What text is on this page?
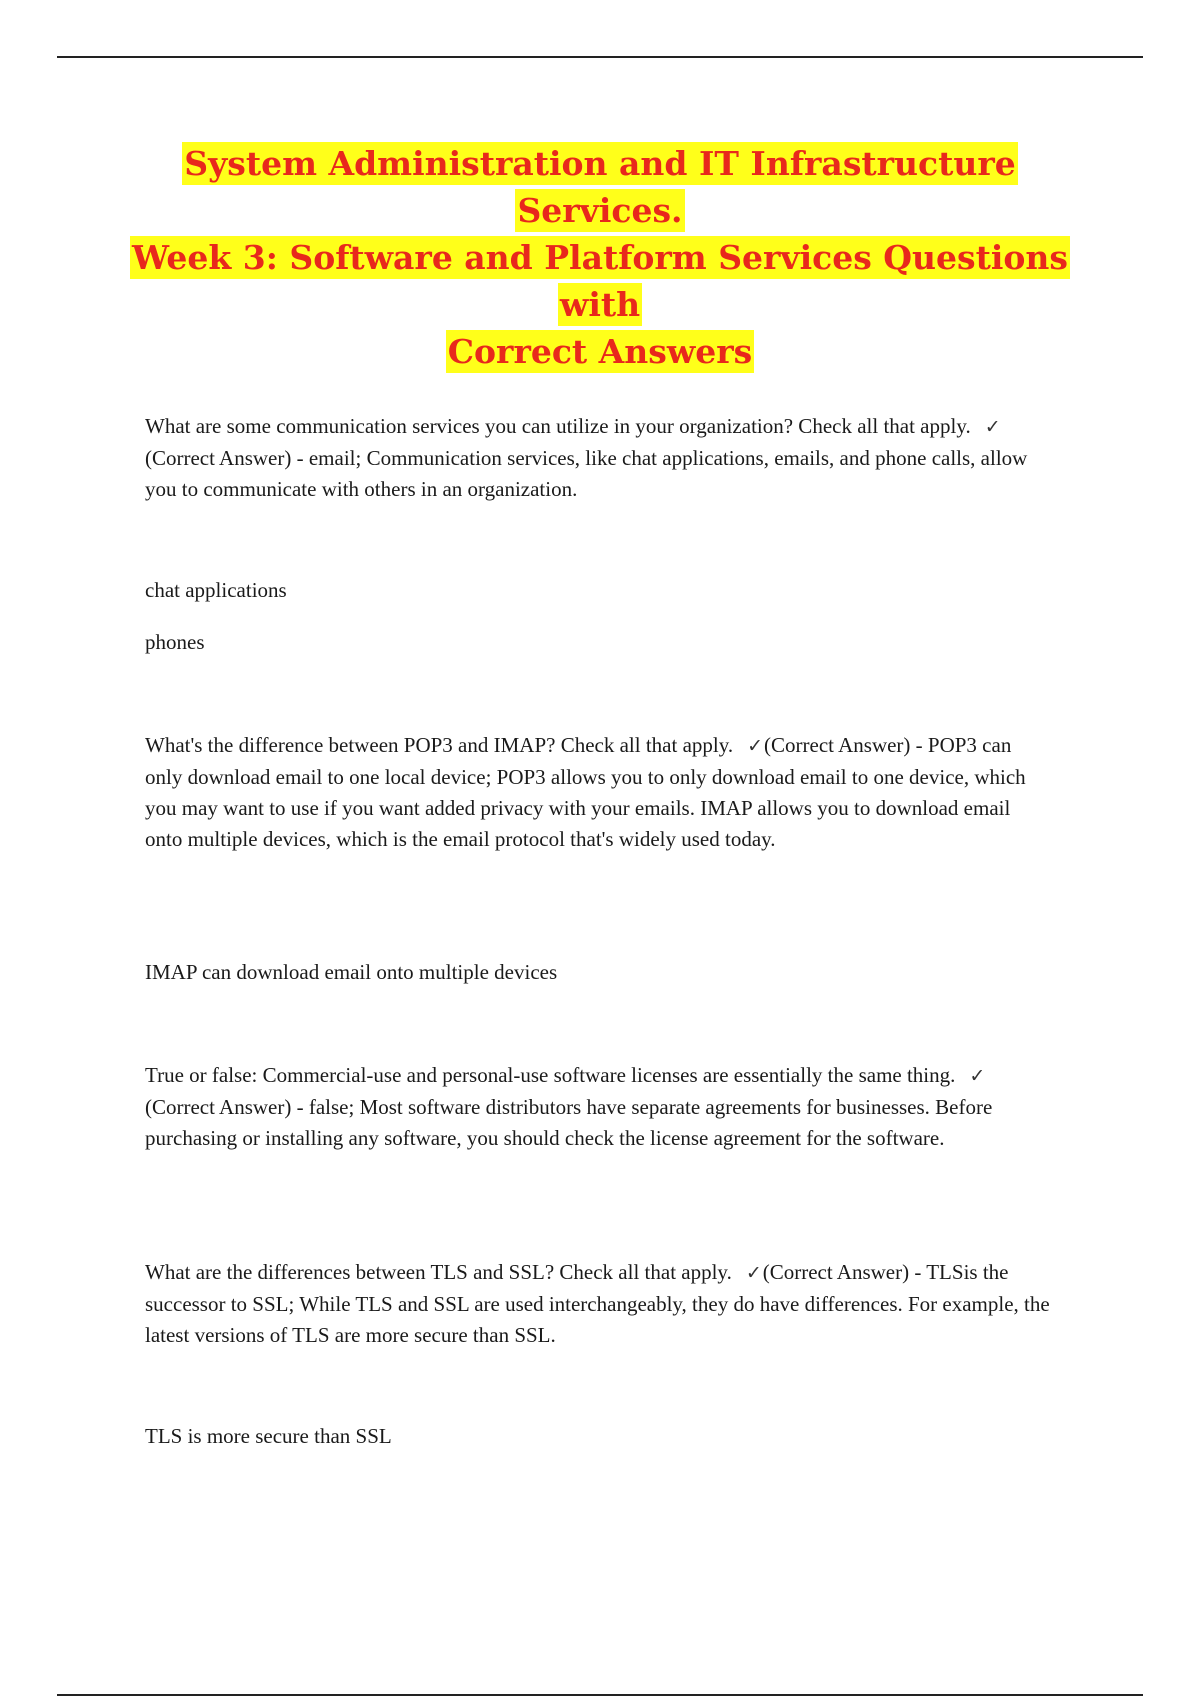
System Administration and IT Infrastructure Services.
Week 3: Software and Platform Services Questions with
Correct Answers

What are some communication services you can utilize in your organization? Check all that apply. ✓(Correct Answer) - email; Communication services, like chat applications, emails, and phone calls, allow you to communicate with others in an organization.

chat applications

phones

What's the difference between POP3 and IMAP? Check all that apply. ✓(Correct Answer) - POP3 can only download email to one local device; POP3 allows you to only download email to one device, which you may want to use if you want added privacy with your emails. IMAP allows you to download email onto multiple devices, which is the email protocol that's widely used today.

IMAP can download email onto multiple devices

True or false: Commercial-use and personal-use software licenses are essentially the same thing. ✓(Correct Answer) - false; Most software distributors have separate agreements for businesses. Before purchasing or installing any software, you should check the license agreement for the software.

What are the differences between TLS and SSL? Check all that apply. ✓(Correct Answer) - TLSis the successor to SSL; While TLS and SSL are used interchangeably, they do have differences. For example, the latest versions of TLS are more secure than SSL.

TLS is more secure than SSL
